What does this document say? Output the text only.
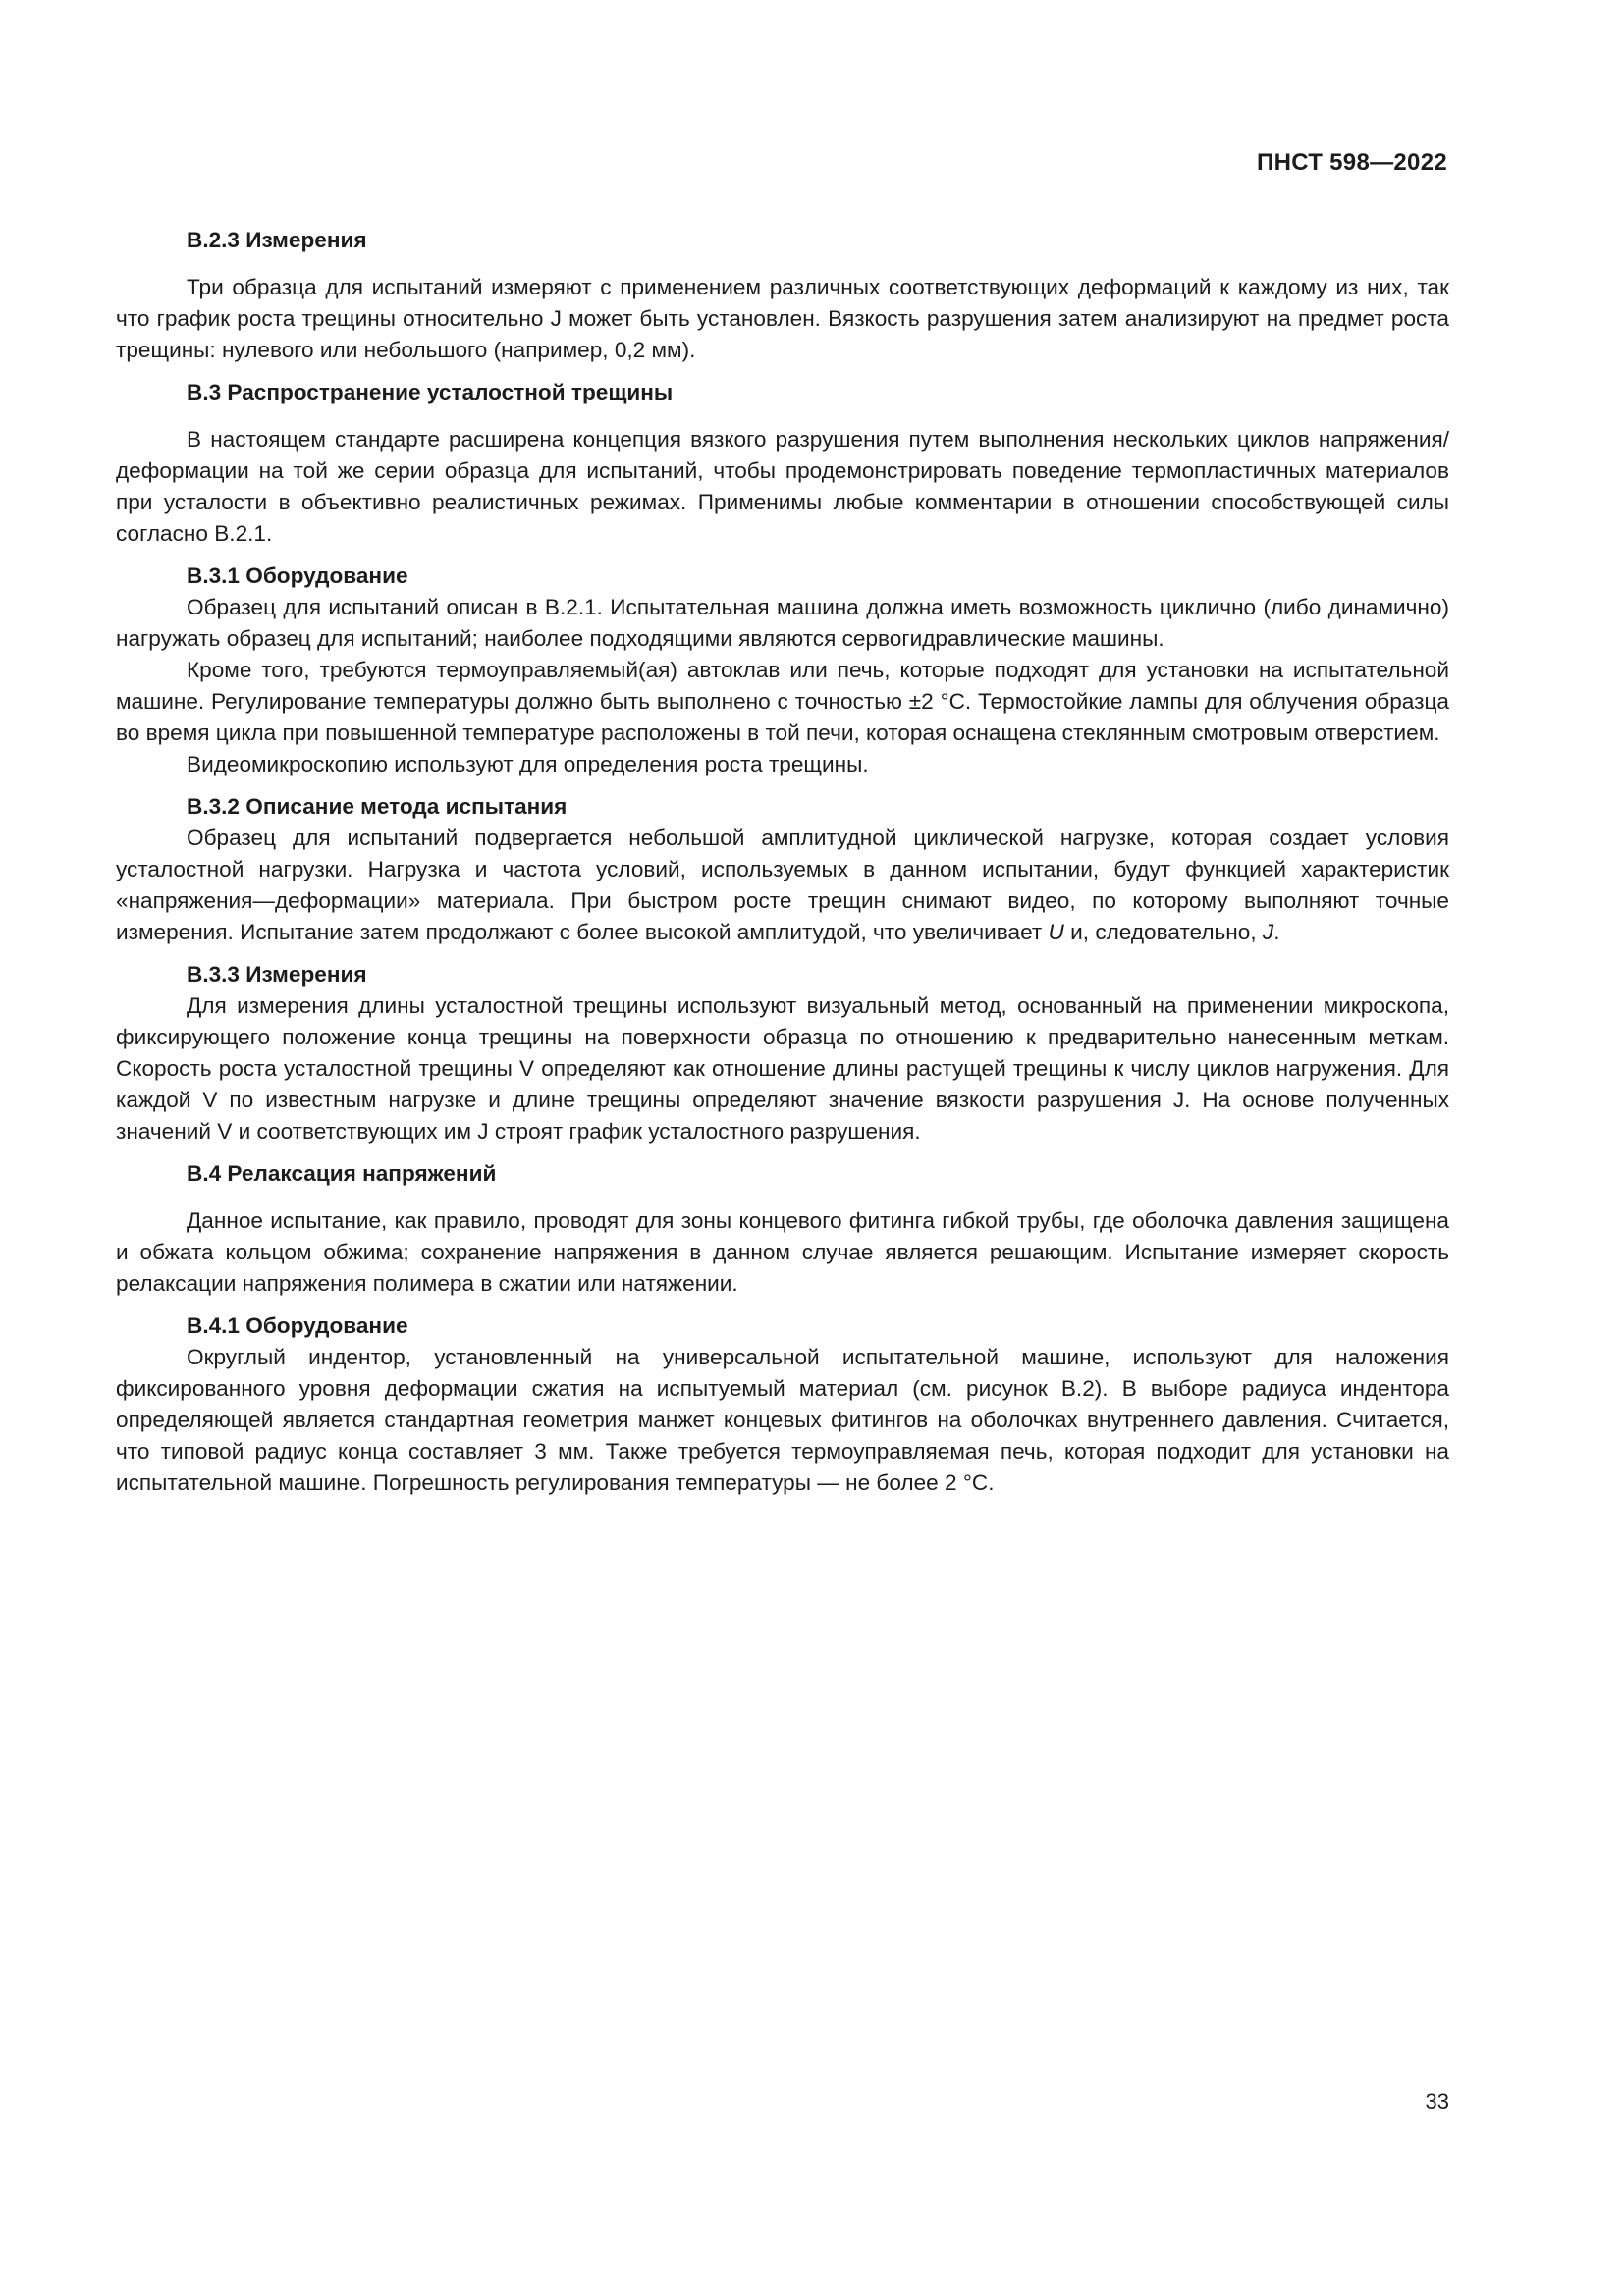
ПНСТ 598—2022

В.2.3 Измерения

Три образца для испытаний измеряют с применением различных соответствующих деформаций к каждому из них, так что график роста трещины относительно J может быть установлен. Вязкость разрушения затем анализируют на предмет роста трещины: нулевого или небольшого (например, 0,2 мм).

В.3 Распространение усталостной трещины

В настоящем стандарте расширена концепция вязкого разрушения путем выполнения нескольких циклов напряжения/деформации на той же серии образца для испытаний, чтобы продемонстрировать поведение термопластичных материалов при усталости в объективно реалистичных режимах. Применимы любые комментарии в отношении способствующей силы согласно В.2.1.

В.3.1 Оборудование

Образец для испытаний описан в В.2.1. Испытательная машина должна иметь возможность циклично (либо динамично) нагружать образец для испытаний; наиболее подходящими являются сервогидравлические машины.

Кроме того, требуются термоуправляемый(ая) автоклав или печь, которые подходят для установки на испытательной машине. Регулирование температуры должно быть выполнено с точностью ±2 °С. Термостойкие лампы для облучения образца во время цикла при повышенной температуре расположены в той печи, которая оснащена стеклянным смотровым отверстием.

Видеомикроскопию используют для определения роста трещины.

В.3.2 Описание метода испытания

Образец для испытаний подвергается небольшой амплитудной циклической нагрузке, которая создает условия усталостной нагрузки. Нагрузка и частота условий, используемых в данном испытании, будут функцией характеристик «напряжения—деформации» материала. При быстром росте трещин снимают видео, по которому выполняют точные измерения. Испытание затем продолжают с более высокой амплитудой, что увеличивает U и, следовательно, J.

В.3.3 Измерения

Для измерения длины усталостной трещины используют визуальный метод, основанный на применении микроскопа, фиксирующего положение конца трещины на поверхности образца по отношению к предварительно нанесенным меткам. Скорость роста усталостной трещины V определяют как отношение длины растущей трещины к числу циклов нагружения. Для каждой V по известным нагрузке и длине трещины определяют значение вязкости разрушения J. На основе полученных значений V и соответствующих им J строят график усталостного разрушения.

В.4 Релаксация напряжений

Данное испытание, как правило, проводят для зоны концевого фитинга гибкой трубы, где оболочка давления защищена и обжата кольцом обжима; сохранение напряжения в данном случае является решающим. Испытание измеряет скорость релаксации напряжения полимера в сжатии или натяжении.

В.4.1 Оборудование

Округлый индентор, установленный на универсальной испытательной машине, используют для наложения фиксированного уровня деформации сжатия на испытуемый материал (см. рисунок В.2). В выборе радиуса индентора определяющей является стандартная геометрия манжет концевых фитингов на оболочках внутреннего давления. Считается, что типовой радиус конца составляет 3 мм. Также требуется термоуправляемая печь, которая подходит для установки на испытательной машине. Погрешность регулирования температуры — не более 2 °С.

33
